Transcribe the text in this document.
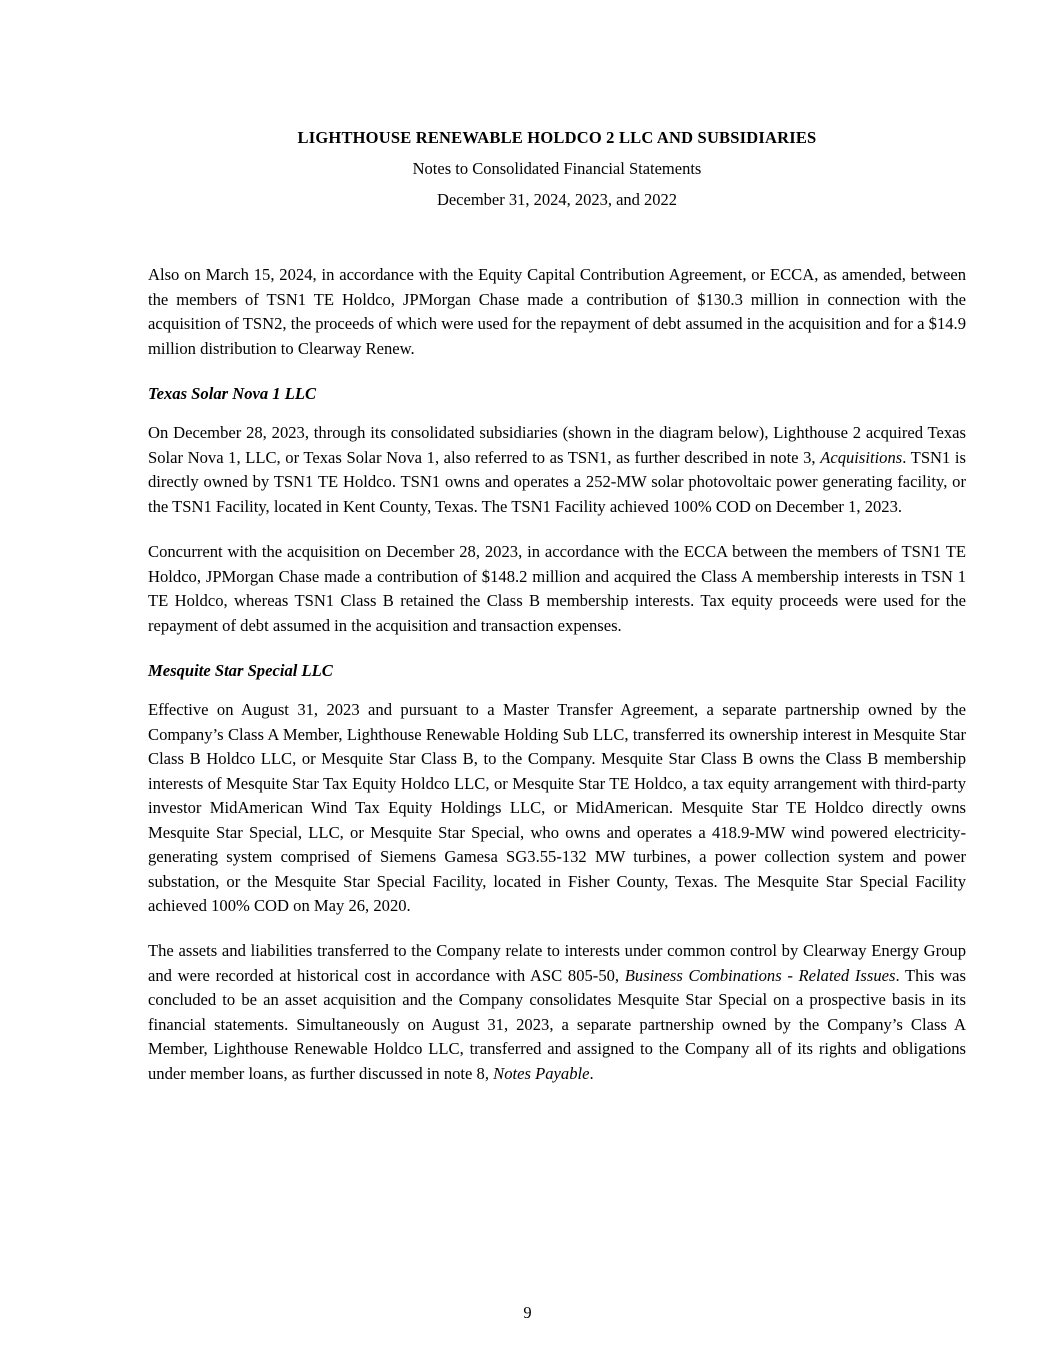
LIGHTHOUSE RENEWABLE HOLDCO 2 LLC AND SUBSIDIARIES
Notes to Consolidated Financial Statements
December 31, 2024, 2023, and 2022

Also on March 15, 2024, in accordance with the Equity Capital Contribution Agreement, or ECCA, as amended, between the members of TSN1 TE Holdco, JPMorgan Chase made a contribution of $130.3 million in connection with the acquisition of TSN2, the proceeds of which were used for the repayment of debt assumed in the acquisition and for a $14.9 million distribution to Clearway Renew.

Texas Solar Nova 1 LLC

On December 28, 2023, through its consolidated subsidiaries (shown in the diagram below), Lighthouse 2 acquired Texas Solar Nova 1, LLC, or Texas Solar Nova 1, also referred to as TSN1, as further described in note 3, Acquisitions. TSN1 is directly owned by TSN1 TE Holdco. TSN1 owns and operates a 252-MW solar photovoltaic power generating facility, or the TSN1 Facility, located in Kent County, Texas. The TSN1 Facility achieved 100% COD on December 1, 2023.

Concurrent with the acquisition on December 28, 2023, in accordance with the ECCA between the members of TSN1 TE Holdco, JPMorgan Chase made a contribution of $148.2 million and acquired the Class A membership interests in TSN 1 TE Holdco, whereas TSN1 Class B retained the Class B membership interests. Tax equity proceeds were used for the repayment of debt assumed in the acquisition and transaction expenses.

Mesquite Star Special LLC

Effective on August 31, 2023 and pursuant to a Master Transfer Agreement, a separate partnership owned by the Company’s Class A Member, Lighthouse Renewable Holding Sub LLC, transferred its ownership interest in Mesquite Star Class B Holdco LLC, or Mesquite Star Class B, to the Company. Mesquite Star Class B owns the Class B membership interests of Mesquite Star Tax Equity Holdco LLC, or Mesquite Star TE Holdco, a tax equity arrangement with third-party investor MidAmerican Wind Tax Equity Holdings LLC, or MidAmerican. Mesquite Star TE Holdco directly owns Mesquite Star Special, LLC, or Mesquite Star Special, who owns and operates a 418.9-MW wind powered electricity-generating system comprised of Siemens Gamesa SG3.55-132 MW turbines, a power collection system and power substation, or the Mesquite Star Special Facility, located in Fisher County, Texas. The Mesquite Star Special Facility achieved 100% COD on May 26, 2020.

The assets and liabilities transferred to the Company relate to interests under common control by Clearway Energy Group and were recorded at historical cost in accordance with ASC 805-50, Business Combinations - Related Issues. This was concluded to be an asset acquisition and the Company consolidates Mesquite Star Special on a prospective basis in its financial statements. Simultaneously on August 31, 2023, a separate partnership owned by the Company’s Class A Member, Lighthouse Renewable Holdco LLC, transferred and assigned to the Company all of its rights and obligations under member loans, as further discussed in note 8, Notes Payable.

9
